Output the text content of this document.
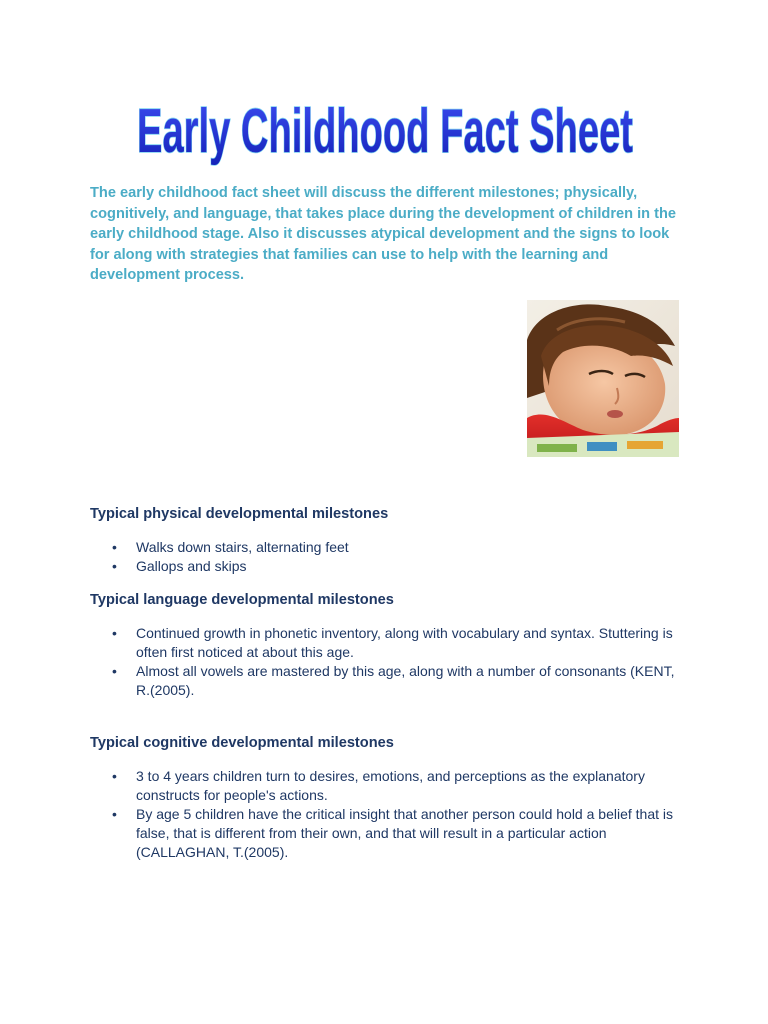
Early Childhood Fact Sheet

The early childhood fact sheet will discuss the different milestones; physically, cognitively, and language, that takes place during the development of children in the early childhood stage. Also it discusses atypical development and the signs to look for along with strategies that families can use to help with the learning and development process.

Typical physical developmental milestones
• Walks down stairs, alternating feet
• Gallops and skips
Typical language developmental milestones
• Continued growth in phonetic inventory, along with vocabulary and syntax. Stuttering is often first noticed at about this age.
• Almost all vowels are mastered by this age, along with a number of consonants (KENT, R.(2005).
Typical cognitive developmental milestones
• 3 to 4 years children turn to desires, emotions, and perceptions as the explanatory constructs for people's actions.
• By age 5 children have the critical insight that another person could hold a belief that is false, that is different from their own, and that will result in a particular action (CALLAGHAN, T.(2005).
